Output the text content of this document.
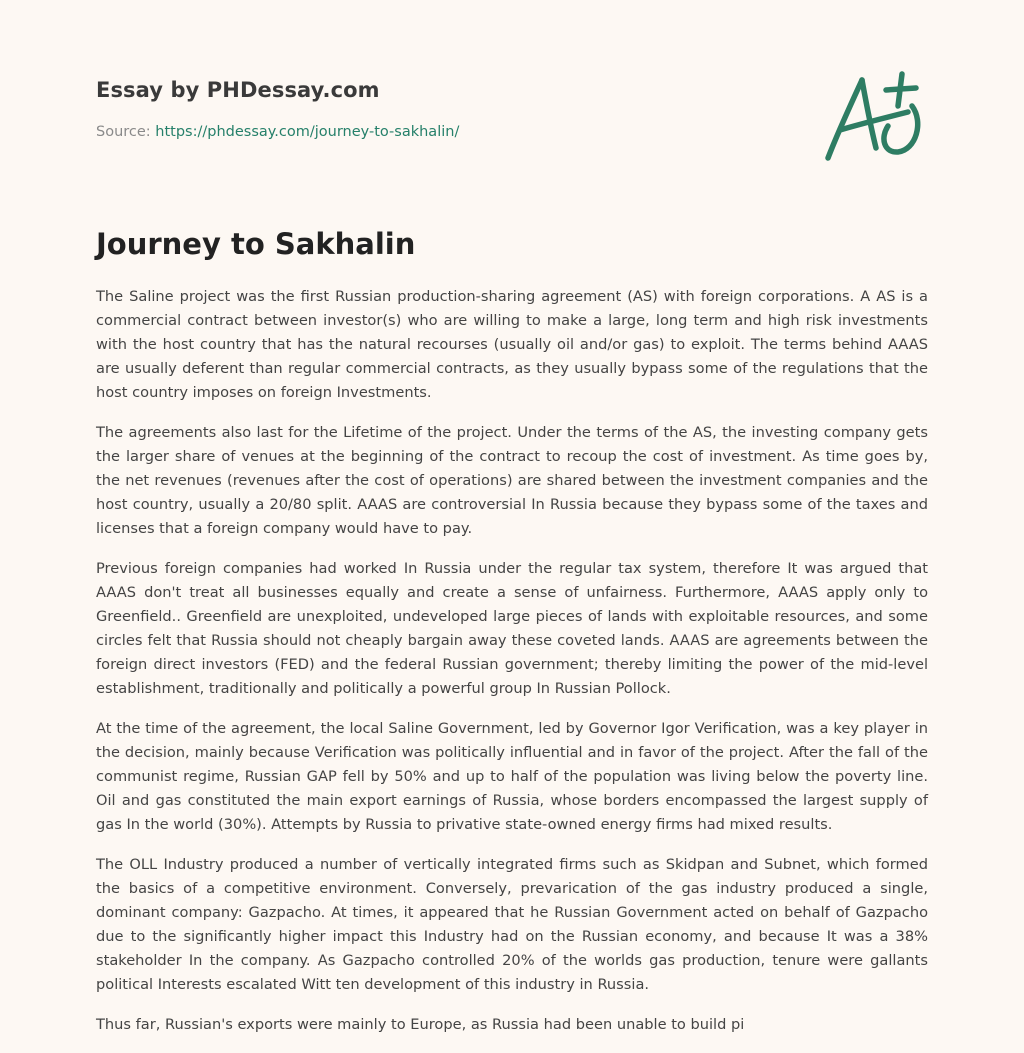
Essay by PHDessay.com
Source: https://phdessay.com/journey-to-sakhalin/
Journey to Sakhalin

The Saline project was the first Russian production-sharing agreement (AS) with foreign corporations. A AS is a commercial contract between investor(s) who are willing to make a large, long term and high risk investments with the host country that has the natural recourses (usually oil and/or gas) to exploit. The terms behind AAAS are usually deferent than regular commercial contracts, as they usually bypass some of the regulations that the host country imposes on foreign Investments.

The agreements also last for the Lifetime of the project. Under the terms of the AS, the investing company gets the larger share of venues at the beginning of the contract to recoup the cost of investment. As time goes by, the net revenues (revenues after the cost of operations) are shared between the investment companies and the host country, usually a 20/80 split. AAAS are controversial In Russia because they bypass some of the taxes and licenses that a foreign company would have to pay.

Previous foreign companies had worked In Russia under the regular tax system, therefore It was argued that AAAS don't treat all businesses equally and create a sense of unfairness. Furthermore, AAAS apply only to Greenfield.. Greenfield are unexploited, undeveloped large pieces of lands with exploitable resources, and some circles felt that Russia should not cheaply bargain away these coveted lands. AAAS are agreements between the foreign direct investors (FED) and the federal Russian government; thereby limiting the power of the mid-level establishment, traditionally and politically a powerful group In Russian Pollock.

At the time of the agreement, the local Saline Government, led by Governor Igor Verification, was a key player in the decision, mainly because Verification was politically influential and in favor of the project. After the fall of the communist regime, Russian GAP fell by 50% and up to half of the population was living below the poverty line. Oil and gas constituted the main export earnings of Russia, whose borders encompassed the largest supply of gas In the world (30%). Attempts by Russia to privative state-owned energy firms had mixed results.

The OLL Industry produced a number of vertically integrated firms such as Skidpan and Subnet, which formed the basics of a competitive environment. Conversely, prevarication of the gas industry produced a single, dominant company: Gazpacho. At times, it appeared that he Russian Government acted on behalf of Gazpacho due to the significantly higher impact this Industry had on the Russian economy, and because It was a 38% stakeholder In the company. As Gazpacho controlled 20% of the worlds gas production, tenure were gallants political Interests escalated Witt ten development of this industry in Russia.

Thus far, Russian's exports were mainly to Europe, as Russia had been unable to build pi
